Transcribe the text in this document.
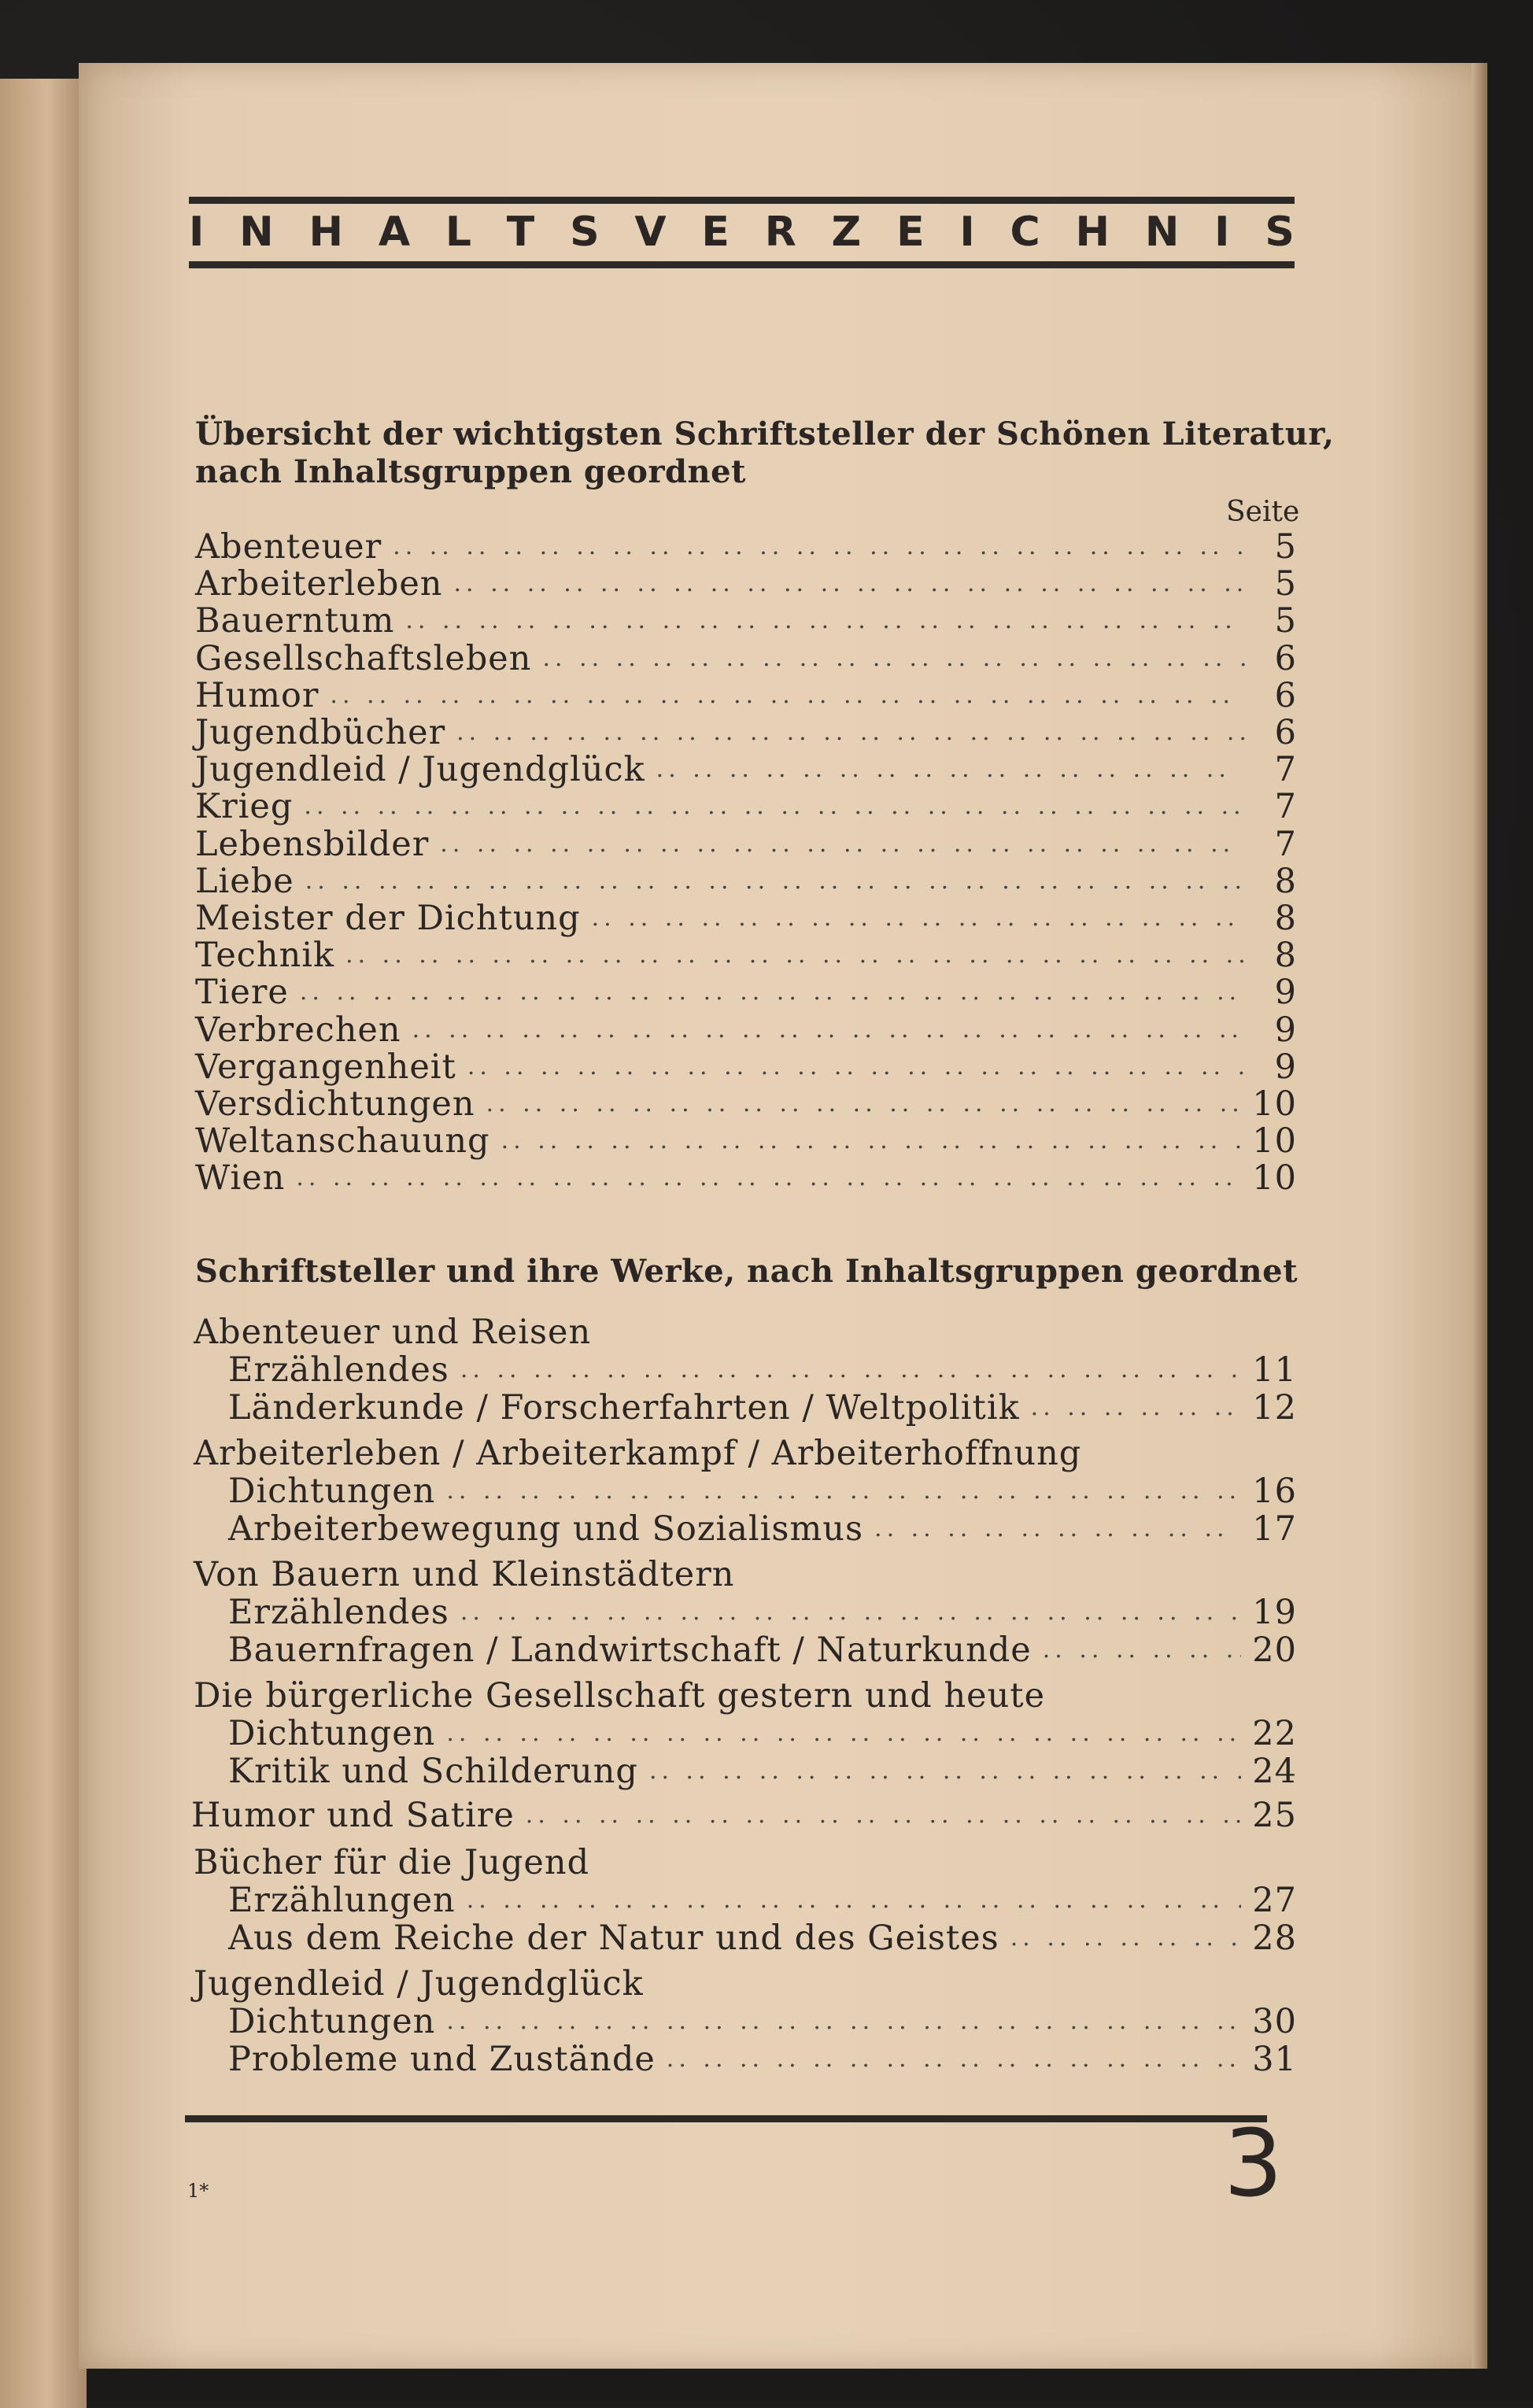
I N H A L T S V E R Z E I C H N I S
Übersicht der wichtigsten Schriftsteller der Schönen Literatur,
nach Inhaltsgruppen geordnet
Seite
Abenteuer .. ..	5
Arbeiterleben .. ..	5
Bauerntum .. ..	5
Gesellschaftsleben .. ..	6
Humor .. ..	6
Jugendbücher .. ..	6
Jugendleid / Jugendglück .. ..	7
Krieg .. ..	7
Lebensbilder .. ..	7
Liebe .. ..	8
Meister der Dichtung .. ..	8
Technik .. ..	8
Tiere .. ..	9
Verbrechen .. ..	9
Vergangenheit .. ..	9
Versdichtungen .. ..	10
Weltanschauung .. ..	10
Wien .. ..	10
Schriftsteller und ihre Werke, nach Inhaltsgruppen geordnet
Abenteuer und Reisen
Erzählendes .. ..	11
Länderkunde / Forscherfahrten / Weltpolitik .. ..	12
Arbeiterleben / Arbeiterkampf / Arbeiterhoffnung
Dichtungen .. ..	16
Arbeiterbewegung und Sozialismus .. ..	17
Von Bauern und Kleinstädtern
Erzählendes .. ..	19
Bauernfragen / Landwirtschaft / Naturkunde .. ..	20
Die bürgerliche Gesellschaft gestern und heute
Dichtungen .. ..	22
Kritik und Schilderung .. ..	24
Humor und Satire .. ..	25
Bücher für die Jugend
Erzählungen .. ..	27
Aus dem Reiche der Natur und des Geistes .. ..	28
Jugendleid / Jugendglück
Dichtungen .. ..	30
Probleme und Zustände .. ..	31
3
1*
